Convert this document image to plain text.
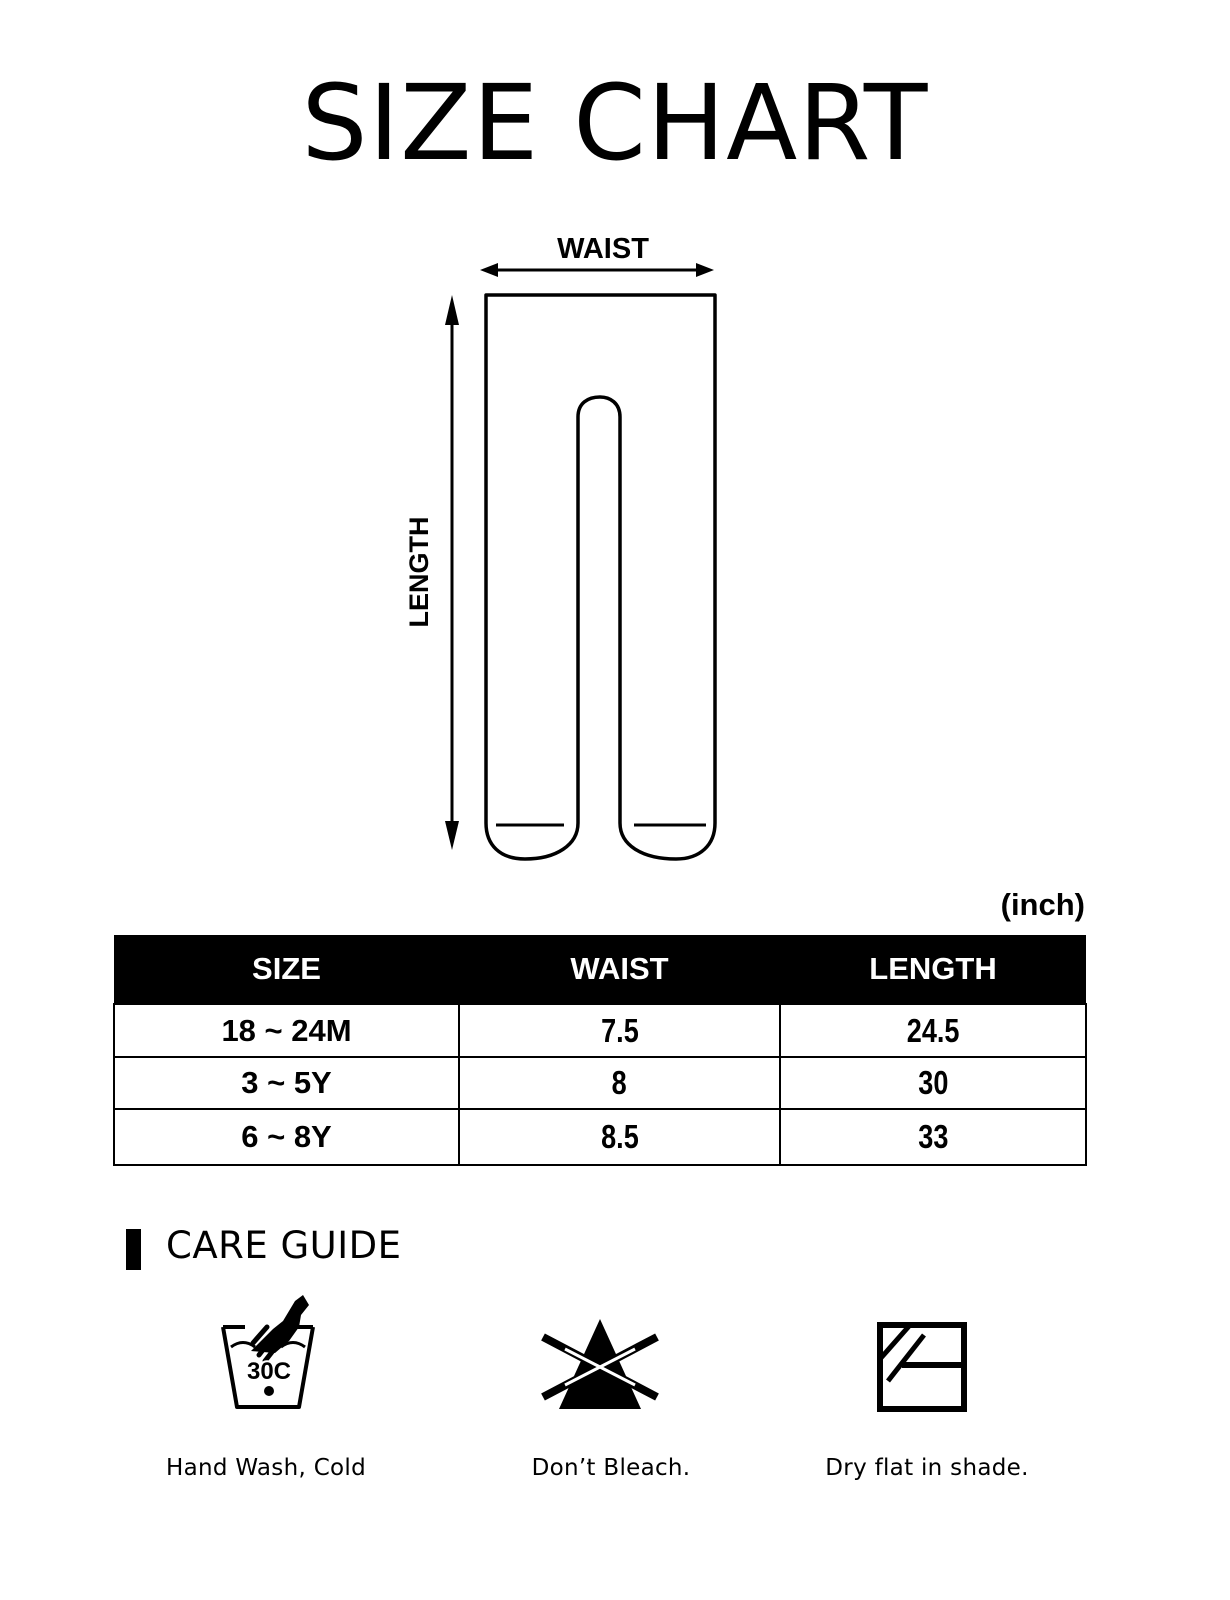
SIZE CHART
WAIST
LENGTH
(inch)
SIZE	WAIST	LENGTH
18 ~ 24M	7.5	24.5
3 ~ 5Y	8	30
6 ~ 8Y	8.5	33
CARE GUIDE
30C
Hand Wash, Cold	Don’t Bleach.	Dry flat in shade.
